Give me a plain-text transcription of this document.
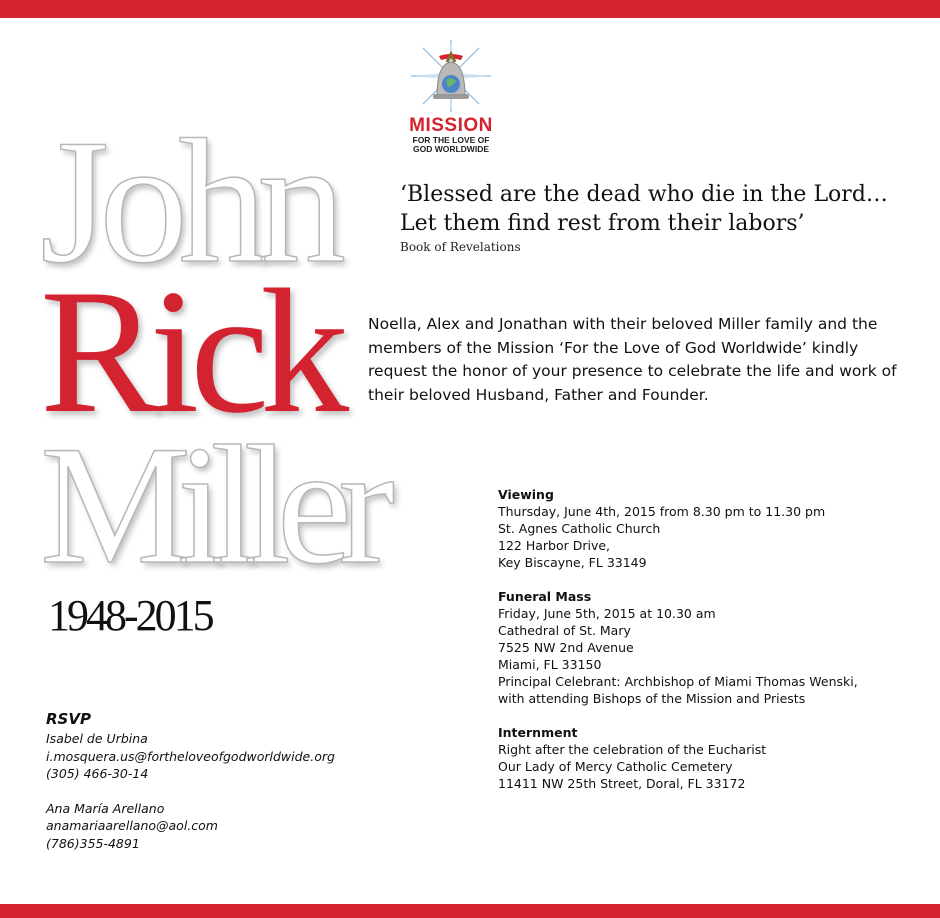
MISSION
FOR THE LOVE OF
GOD WORLDWIDE
John
Rick
Miller
1948-2015
‘Blessed are the dead who die in the Lord…
Let them find rest from their labors’
Book of Revelations
Noella, Alex and Jonathan with their beloved Miller family and the members of the Mission ‘For the Love of God Worldwide’ kindly request the honor of your presence to celebrate the life and work of their beloved Husband, Father and Founder.
Viewing
Thursday, June 4th, 2015 from 8.30 pm to 11.30 pm
St. Agnes Catholic Church
122 Harbor Drive,
Key Biscayne, FL 33149
Funeral Mass
Friday, June 5th, 2015 at 10.30 am
Cathedral of St. Mary
7525 NW 2nd Avenue
Miami, FL 33150
Principal Celebrant: Archbishop of Miami Thomas Wenski,
with attending Bishops of the Mission and Priests
Internment
Right after the celebration of the Eucharist
Our Lady of Mercy Catholic Cemetery
11411 NW 25th Street, Doral, FL 33172
RSVP
Isabel de Urbina
i.mosquera.us@fortheloveofgodworldwide.org
(305) 466-30-14
Ana María Arellano
anamariaarellano@aol.com
(786)355-4891
